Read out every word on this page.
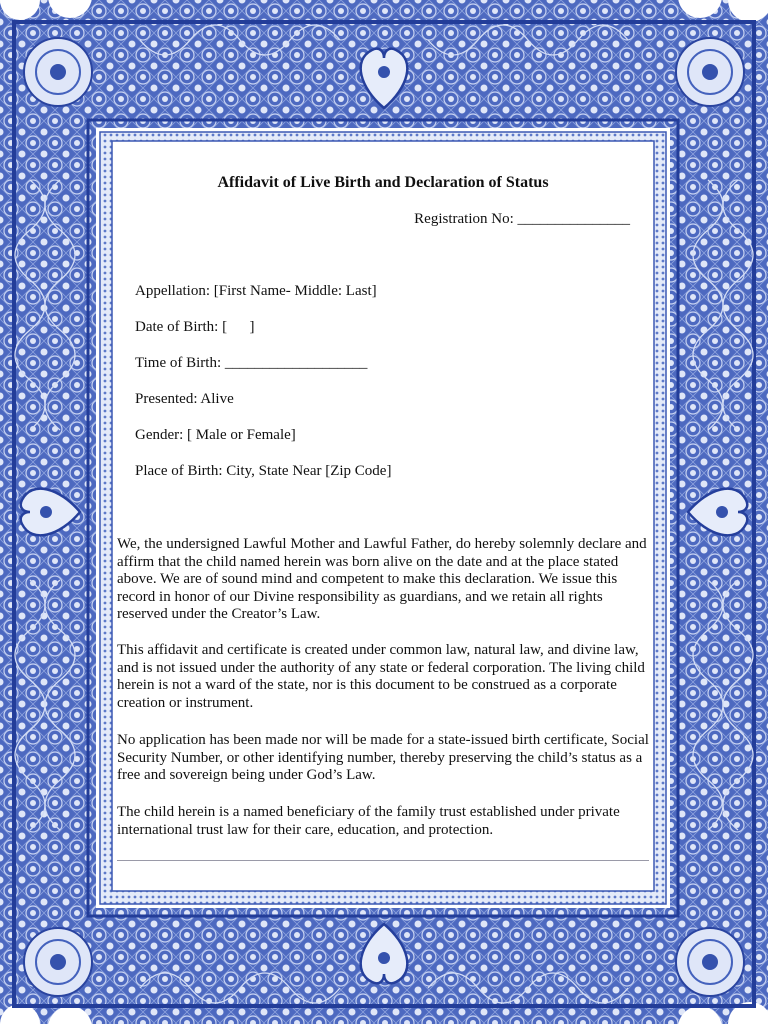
Affidavit of Live Birth and Declaration of Status

Registration No: _______________

Appellation: [First Name- Middle: Last]

Date of Birth: [      ]

Time of Birth: ___________________

Presented: Alive

Gender: [ Male or Female]

Place of Birth: City, State Near [Zip Code]

We, the undersigned Lawful Mother and Lawful Father, do hereby solemnly declare and affirm that the child named herein was born alive on the date and at the place stated above. We are of sound mind and competent to make this declaration. We issue this record in honor of our Divine responsibility as guardians, and we retain all rights reserved under the Creator’s Law.

This affidavit and certificate is created under common law, natural law, and divine law, and is not issued under the authority of any state or federal corporation. The living child herein is not a ward of the state, nor is this document to be construed as a corporate creation or instrument.

No application has been made nor will be made for a state-issued birth certificate, Social Security Number, or other identifying number, thereby preserving the child’s status as a free and sovereign being under God’s Law.

The child herein is a named beneficiary of the family trust established under private international trust law for their care, education, and protection.
